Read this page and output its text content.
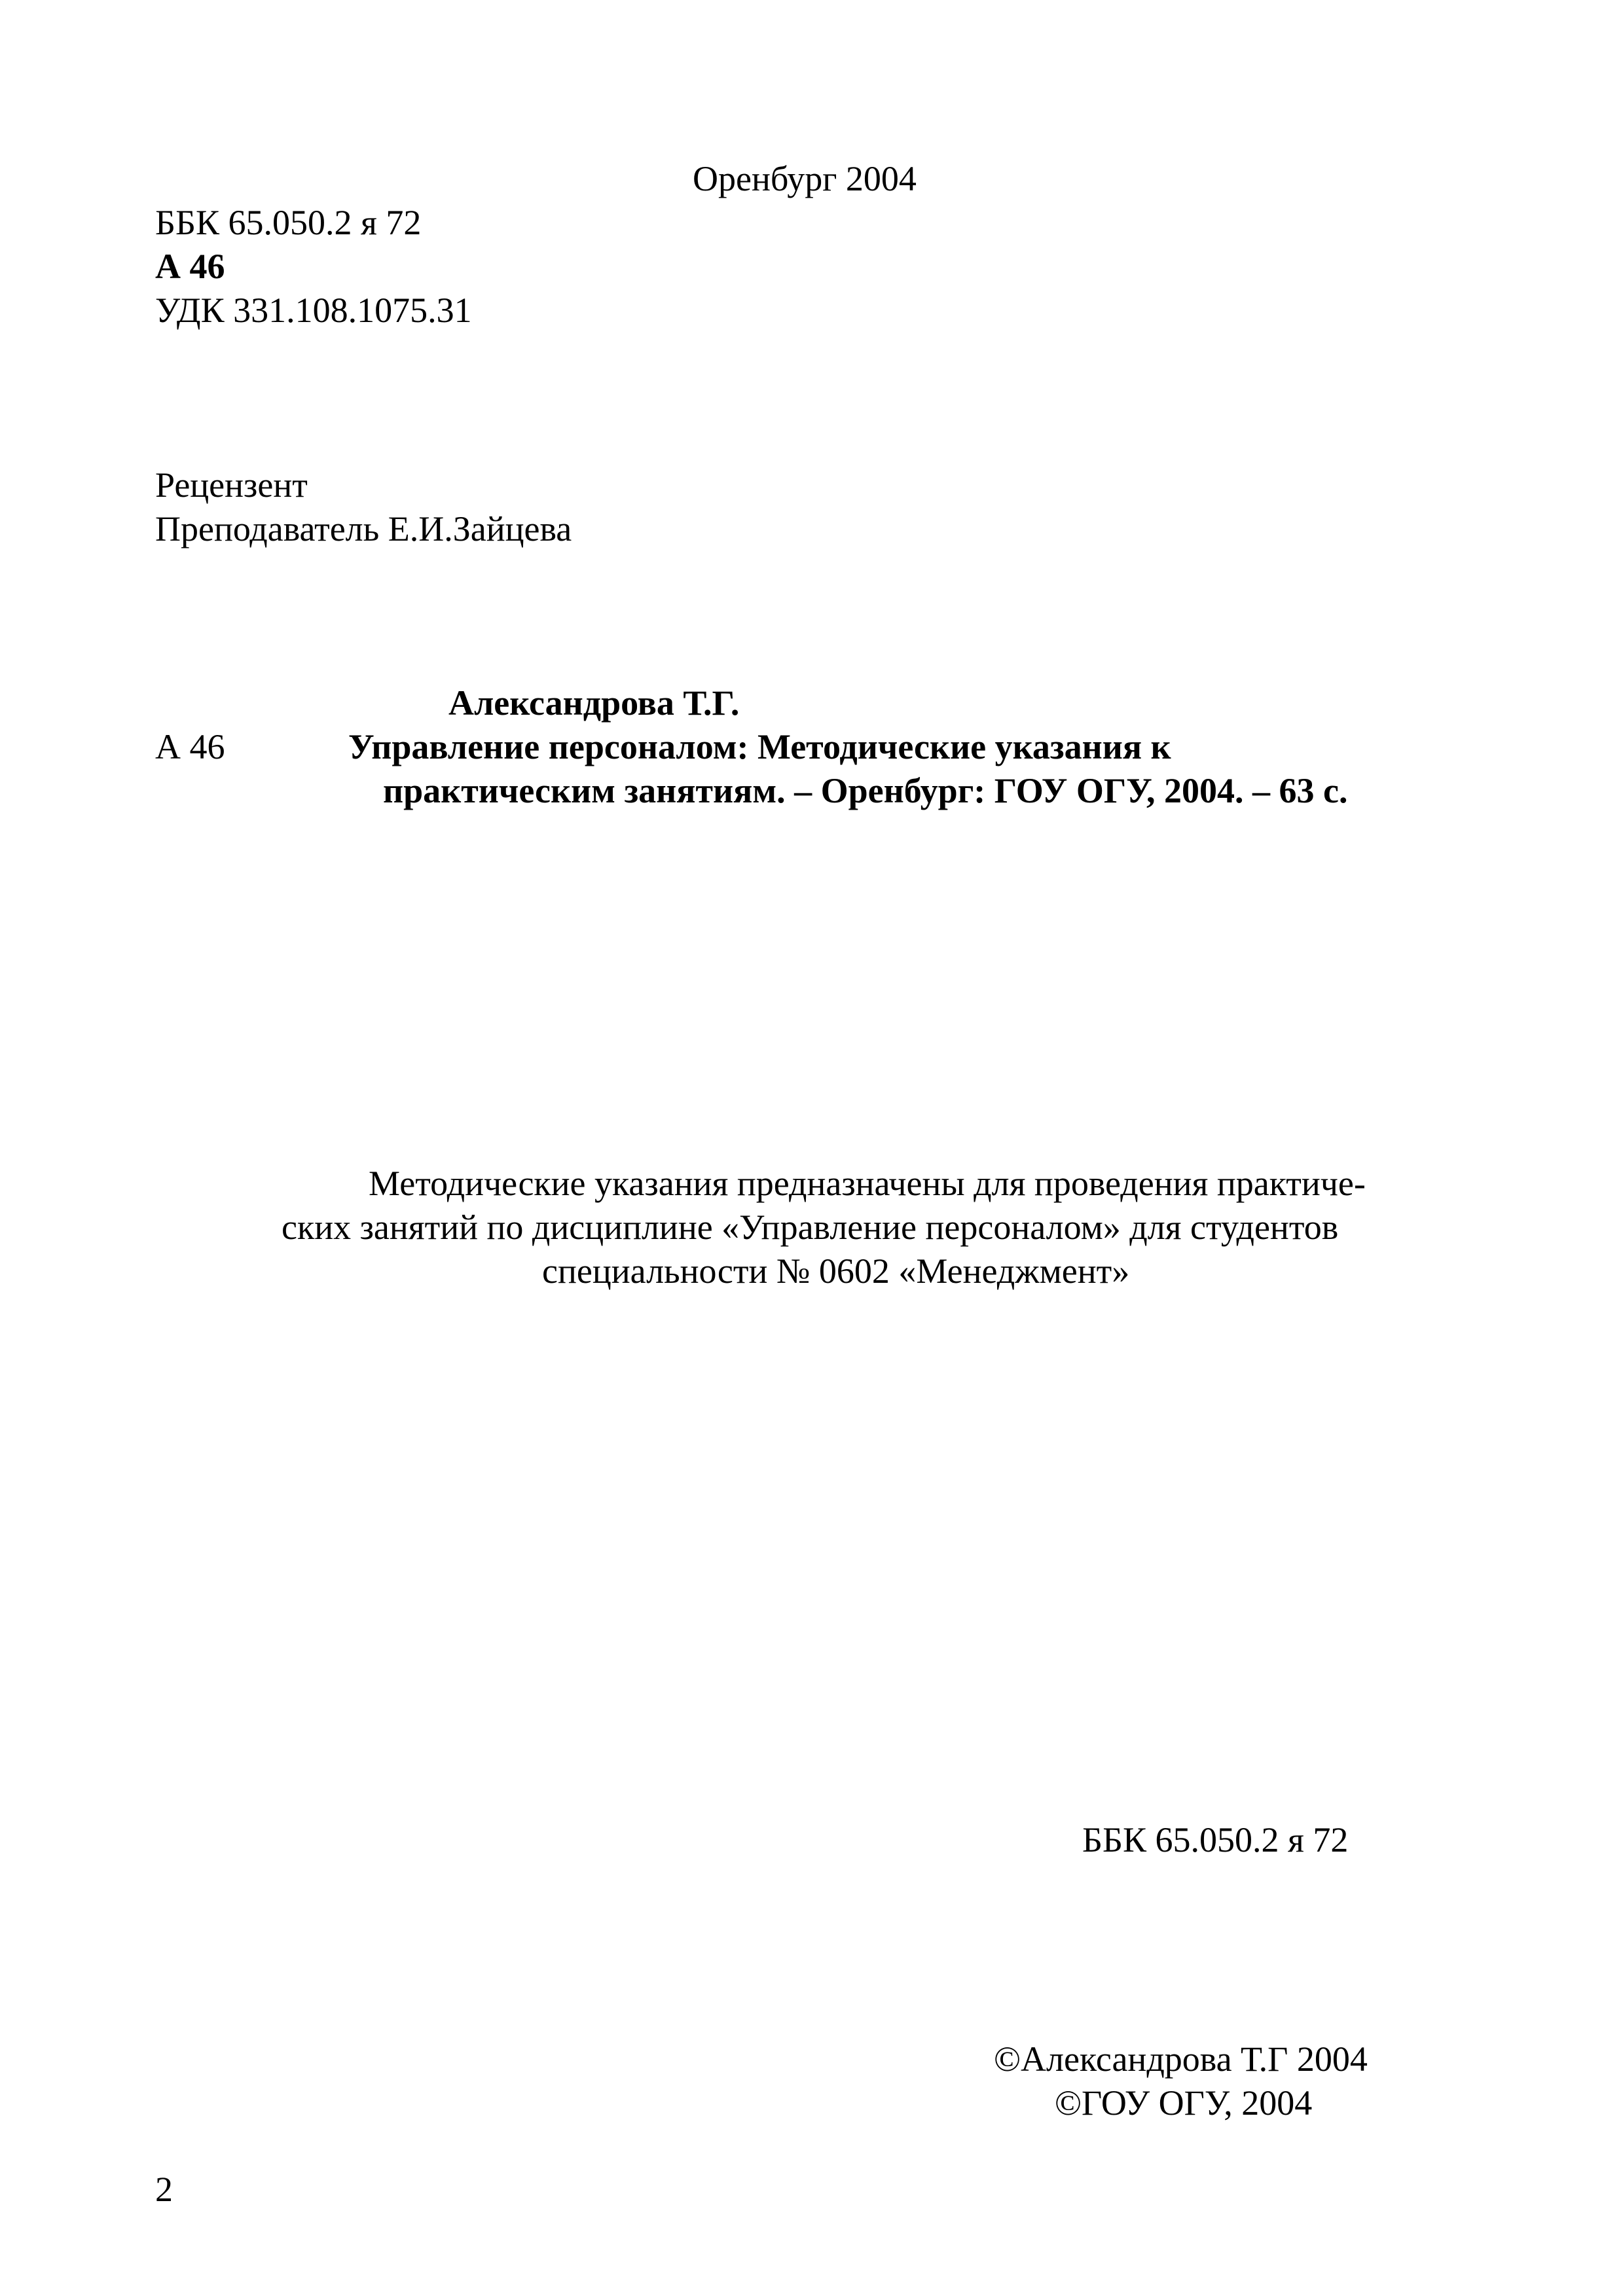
Оренбург 2004
ББК 65.050.2 я 72
А 46
УДК 331.108.1075.31
Рецензент
Преподаватель Е.И.Зайцева
Александрова Т.Г.
А 46	Управление персоналом: Методические указания к
практическим занятиям. – Оренбург: ГОУ ОГУ, 2004. – 63 с.
Методические указания предназначены для проведения практиче-
ских занятий по дисциплине «Управление персоналом» для студентов
специальности № 0602 «Менеджмент»
ББК 65.050.2 я 72
©Александрова Т.Г 2004
©ГОУ ОГУ, 2004
2
